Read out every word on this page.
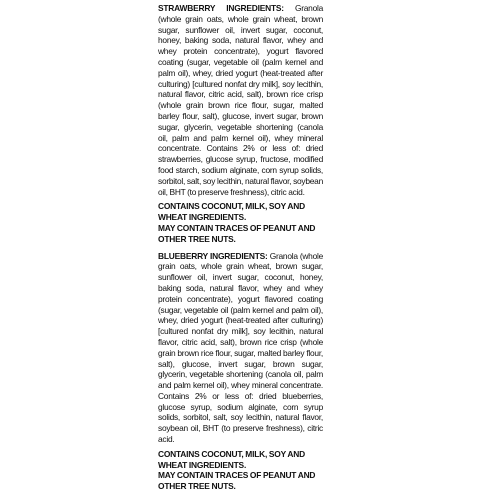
STRAWBERRY INGREDIENTS: Granola (whole grain oats, whole grain wheat, brown sugar, sunflower oil, invert sugar, coconut, honey, baking soda, natural flavor, whey and whey protein concentrate), yogurt flavored coating (sugar, vegetable oil (palm kernel and palm oil), whey, dried yogurt (heat-treated after culturing) [cultured nonfat dry milk], soy lecithin, natural flavor, citric acid, salt), brown rice crisp (whole grain brown rice flour, sugar, malted barley flour, salt), glucose, invert sugar, brown sugar, glycerin, vegetable shortening (canola oil, palm and palm kernel oil), whey mineral concentrate. Contains 2% or less of: dried strawberries, glucose syrup, fructose, modified food starch, sodium alginate, corn syrup solids, sorbitol, salt, soy lecithin, natural flavor, soybean oil, BHT (to preserve freshness), citric acid.

CONTAINS COCONUT, MILK, SOY AND WHEAT INGREDIENTS.

MAY CONTAIN TRACES OF PEANUT AND OTHER TREE NUTS.

BLUEBERRY INGREDIENTS: Granola (whole grain oats, whole grain wheat, brown sugar, sunflower oil, invert sugar, coconut, honey, baking soda, natural flavor, whey and whey protein concentrate), yogurt flavored coating (sugar, vegetable oil (palm kernel and palm oil), whey, dried yogurt (heat-treated after culturing) [cultured nonfat dry milk], soy lecithin, natural flavor, citric acid, salt), brown rice crisp (whole grain brown rice flour, sugar, malted barley flour, salt), glucose, invert sugar, brown sugar, glycerin, vegetable shortening (canola oil, palm and palm kernel oil), whey mineral concentrate. Contains 2% or less of: dried blueberries, glucose syrup, sodium alginate, corn syrup solids, sorbitol, salt, soy lecithin, natural flavor, soybean oil, BHT (to preserve freshness), citric acid.

CONTAINS COCONUT, MILK, SOY AND WHEAT INGREDIENTS.

MAY CONTAIN TRACES OF PEANUT AND OTHER TREE NUTS.
